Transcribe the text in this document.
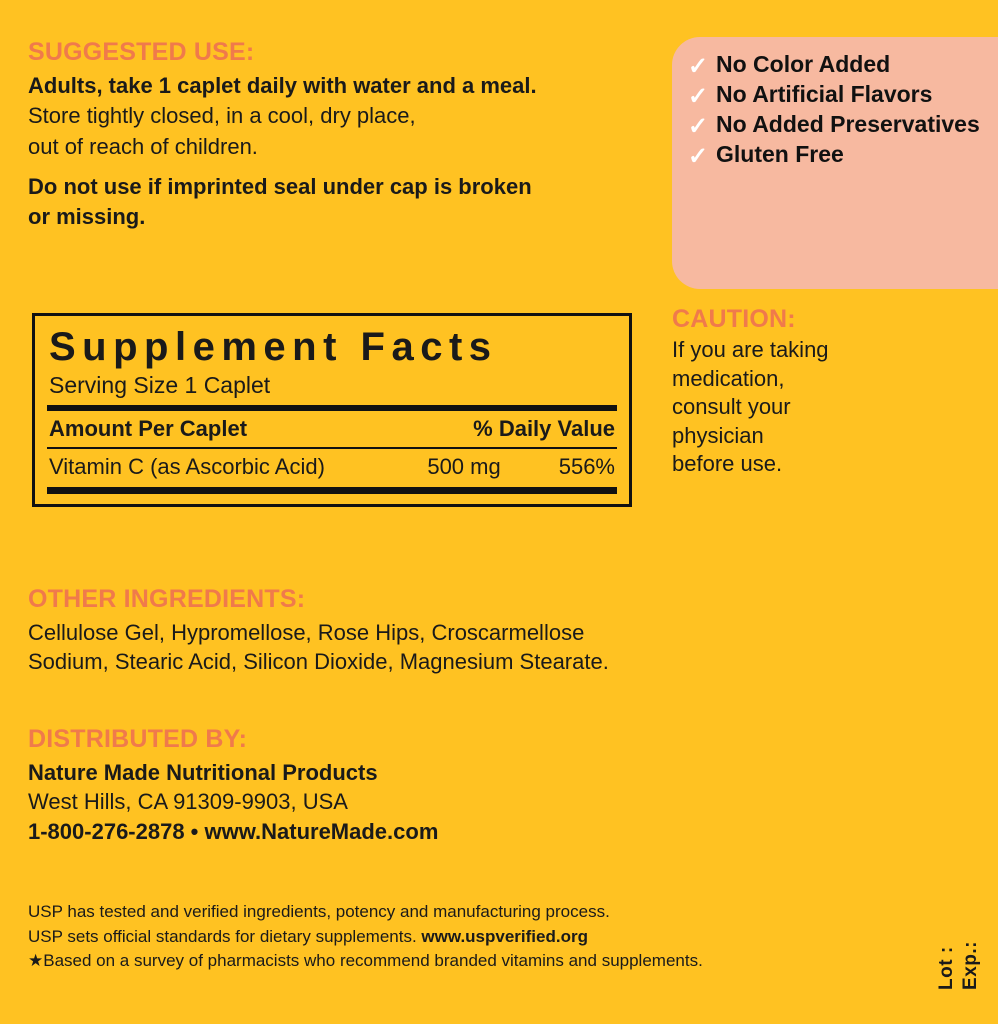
SUGGESTED USE:

Adults, take 1 caplet daily with water and a meal.

Store tightly closed, in a cool, dry place,

out of reach of children.

Do not use if imprinted seal under cap is broken

or missing.

Supplement Facts
Serving Size 1 Caplet
Amount Per Caplet	% Daily Value
Vitamin C (as Ascorbic Acid)	500 mg	556%
OTHER INGREDIENTS:

Cellulose Gel, Hypromellose, Rose Hips, Croscarmellose

Sodium, Stearic Acid, Silicon Dioxide, Magnesium Stearate.

DISTRIBUTED BY:

Nature Made Nutritional Products

West Hills, CA 91309-9903, USA

1-800-276-2878 • www.NatureMade.com

USP has tested and verified ingredients, potency and manufacturing process.
USP sets official standards for dietary supplements. www.uspverified.org
★Based on a survey of pharmacists who recommend branded vitamins and supplements.
✓ No Color Added
✓ No Artificial Flavors
✓ No Added Preservatives
✓ Gluten Free
CAUTION:

If you are taking

medication,

consult your

physician

before use.

Lot : Exp.:
